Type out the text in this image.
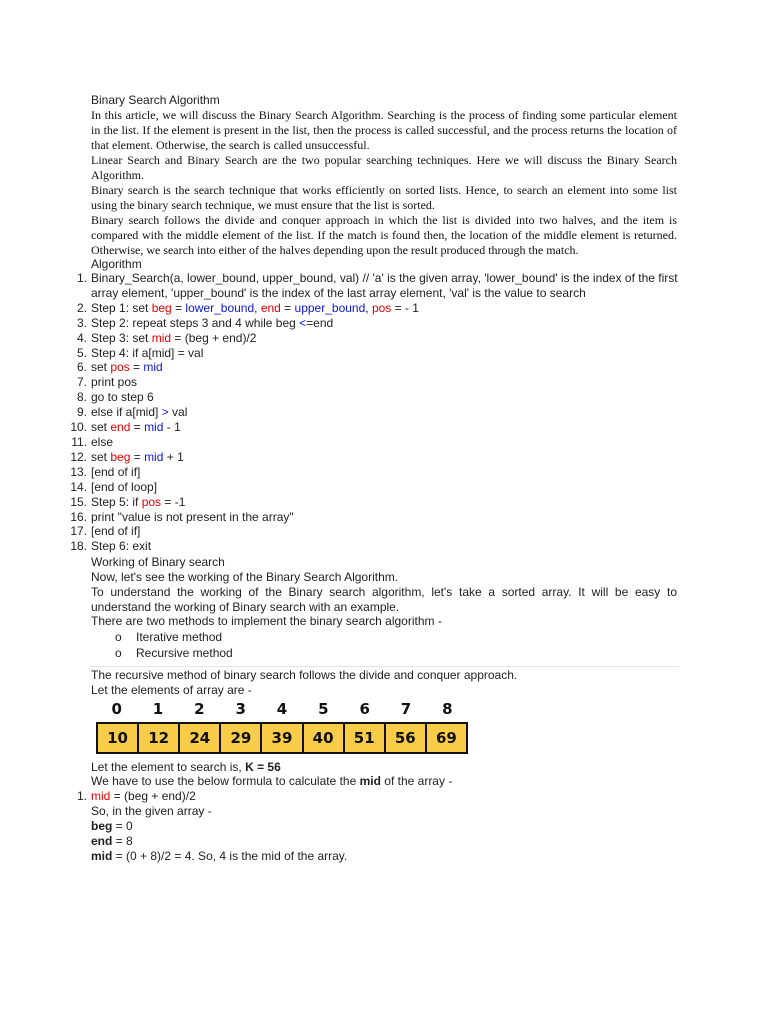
Binary Search Algorithm

In this article, we will discuss the Binary Search Algorithm. Searching is the process of finding some particular element in the list. If the element is present in the list, then the process is called successful, and the process returns the location of that element. Otherwise, the search is called unsuccessful.

Linear Search and Binary Search are the two popular searching techniques. Here we will discuss the Binary Search Algorithm.

Binary search is the search technique that works efficiently on sorted lists. Hence, to search an element into some list using the binary search technique, we must ensure that the list is sorted.

Binary search follows the divide and conquer approach in which the list is divided into two halves, and the item is compared with the middle element of the list. If the match is found then, the location of the middle element is returned. Otherwise, we search into either of the halves depending upon the result produced through the match.

Algorithm

1. Binary_Search(a, lower_bound, upper_bound, val) // 'a' is the given array, 'lower_bound' is the index of the first array element, 'upper_bound' is the index of the last array element, 'val' is the value to search
2. Step 1: set beg = lower_bound, end = upper_bound, pos = - 1
3. Step 2: repeat steps 3 and 4 while beg <=end
4. Step 3: set mid = (beg + end)/2
5. Step 4: if a[mid] = val
6. set pos = mid
7. print pos
8. go to step 6
9. else if a[mid] > val
10. set end = mid - 1
11. else
12. set beg = mid + 1
13. [end of if]
14. [end of loop]
15. Step 5: if pos = -1
16. print "value is not present in the array"
17. [end of if]
18. Step 6: exit

Working of Binary search

Now, let's see the working of the Binary Search Algorithm.

To understand the working of the Binary search algorithm, let's take a sorted array. It will be easy to understand the working of Binary search with an example.

There are two methods to implement the binary search algorithm -

o Iterative method
o Recursive method

The recursive method of binary search follows the divide and conquer approach.

Let the elements of array are -

0	1	2	3	4	5	6	7	8
10	12	24	29	39	40	51	56	69

Let the element to search is, K = 56

We have to use the below formula to calculate the mid of the array -

1. mid = (beg + end)/2

So, in the given array -

beg = 0

end = 8

mid = (0 + 8)/2 = 4. So, 4 is the mid of the array.
